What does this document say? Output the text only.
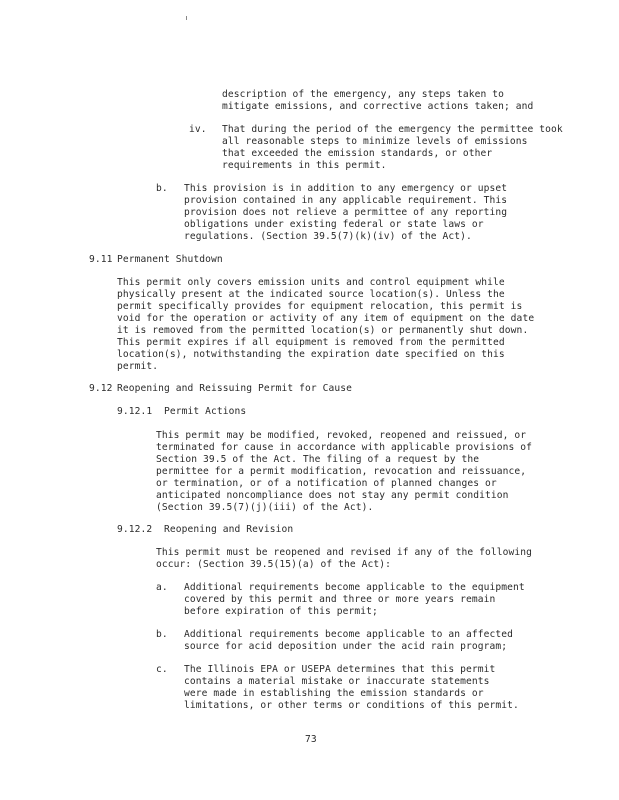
description of the emergency, any steps taken to
mitigate emissions, and corrective actions taken; and
iv. That during the period of the emergency the permittee took
all reasonable steps to minimize levels of emissions
that exceeded the emission standards, or other
requirements in this permit.
b. This provision is in addition to any emergency or upset
provision contained in any applicable requirement. This
provision does not relieve a permittee of any reporting
obligations under existing federal or state laws or
regulations. (Section 39.5(7)(k)(iv) of the Act).
9.11 Permanent Shutdown
This permit only covers emission units and control equipment while
physically present at the indicated source location(s). Unless the
permit specifically provides for equipment relocation, this permit is
void for the operation or activity of any item of equipment on the date
it is removed from the permitted location(s) or permanently shut down.
This permit expires if all equipment is removed from the permitted
location(s), notwithstanding the expiration date specified on this
permit.
9.12 Reopening and Reissuing Permit for Cause
9.12.1  Permit Actions
This permit may be modified, revoked, reopened and reissued, or
terminated for cause in accordance with applicable provisions of
Section 39.5 of the Act. The filing of a request by the
permittee for a permit modification, revocation and reissuance,
or termination, or of a notification of planned changes or
anticipated noncompliance does not stay any permit condition
(Section 39.5(7)(j)(iii) of the Act).
9.12.2  Reopening and Revision
This permit must be reopened and revised if any of the following
occur: (Section 39.5(15)(a) of the Act):
a. Additional requirements become applicable to the equipment
covered by this permit and three or more years remain
before expiration of this permit;
b. Additional requirements become applicable to an affected
source for acid deposition under the acid rain program;
c. The Illinois EPA or USEPA determines that this permit
contains a material mistake or inaccurate statements
were made in establishing the emission standards or
limitations, or other terms or conditions of this permit.
73
